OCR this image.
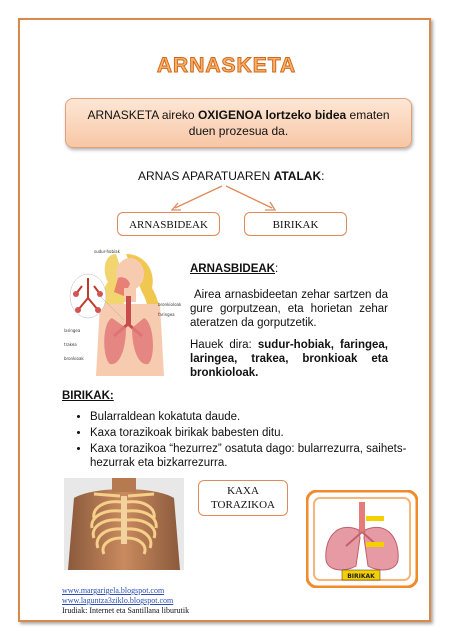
ARNASKETA
ARNASKETA aireko OXIGENOA lortzeko bidea ematen
duen prozesua da.
ARNAS APARATUAREN ATALAK:
ARNASBIDEAK	BIRIKAK
sudur-hobiak
laringea
trakea
bronkioak
bronkioloak
faringea
ARNASBIDEAK:
Airea arnasbideetan zehar sartzen da gure gorputzean, eta horietan zehar ateratzen da gorputzetik.
Hauek dira: sudur-hobiak, faringea, laringea, trakea, bronkioak eta bronkioloak.
BIRIKAK:
• Bularraldean kokatuta daude.
• Kaxa torazikoak birikak babesten ditu.
• Kaxa torazikoa “hezurrez” osatuta dago: bularrezurra, saihets-hezurrak eta bizkarrezurra.
KAXA
TORAZIKOA
BIRIKAK
www.margarigela.blogspot.com
www.laguntza3ziklo.blogspot.com
Irudiak: Internet eta Santillana liburutik
